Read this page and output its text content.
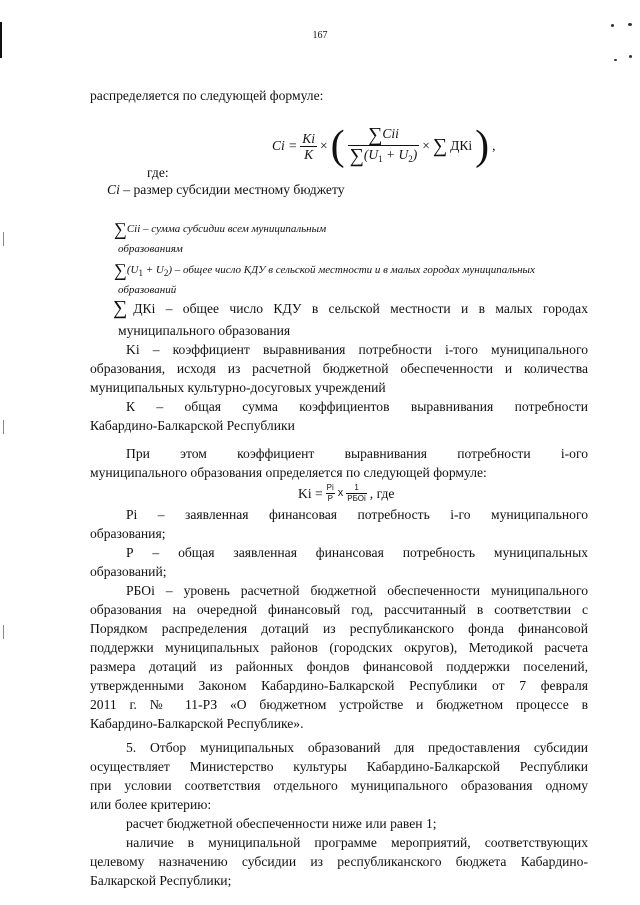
167
распределяется по следующей формуле:
$Ci = \frac{Ki}{K}$ × ( $\frac{\text{∑Cii}}{\sum(U_1 + U_2)}$ × ∑ ДКi ) ,
где:
Ci – размер субсидии местному бюджету
∑Cii – сумма субсидии всем муниципальным
образованиям
$\sum(U_1 + U_2)$ – общее число КДУ в сельской местности и в малых городах муниципальных
образований
∑ ДКi – общее число КДУ в сельской местности и в малых городах
муниципального образования
Ki – коэффициент выравнивания потребности i-того муниципального
образования, исходя из расчетной бюджетной обеспеченности и количества
муниципальных культурно-досуговых учреждений
К – общая сумма коэффициентов выравнивания потребности
Кабардино-Балкарской Республики
При этом коэффициент выравнивания потребности i-ого
муниципального образования определяется по следующей формуле:
$Ki = \frac{Pi}{P}$ x $\frac{1}{\text{РБОi}}$ , где
Pi – заявленная финансовая потребность i-го муниципального
образования;
Р – общая заявленная финансовая потребность муниципальных
образований;
РБОi – уровень расчетной бюджетной обеспеченности муниципального
образования на очередной финансовый год, рассчитанный в соответствии с
Порядком распределения дотаций из республиканского фонда финансовой
поддержки муниципальных районов (городских округов), Методикой расчета
размера дотаций из районных фондов финансовой поддержки поселений,
утвержденными Законом Кабардино-Балкарской Республики от 7 февраля
2011 г. № 11-РЗ «О бюджетном устройстве и бюджетном процессе в
Кабардино-Балкарской Республике».
5. Отбор муниципальных образований для предоставления субсидии
осуществляет Министерство культуры Кабардино-Балкарской Республики
при условии соответствия отдельного муниципального образования одному
или более критерию:
расчет бюджетной обеспеченности ниже или равен 1;
наличие в муниципальной программе мероприятий, соответствующих
целевому назначению субсидии из республиканского бюджета Кабардино-
Балкарской Республики;
